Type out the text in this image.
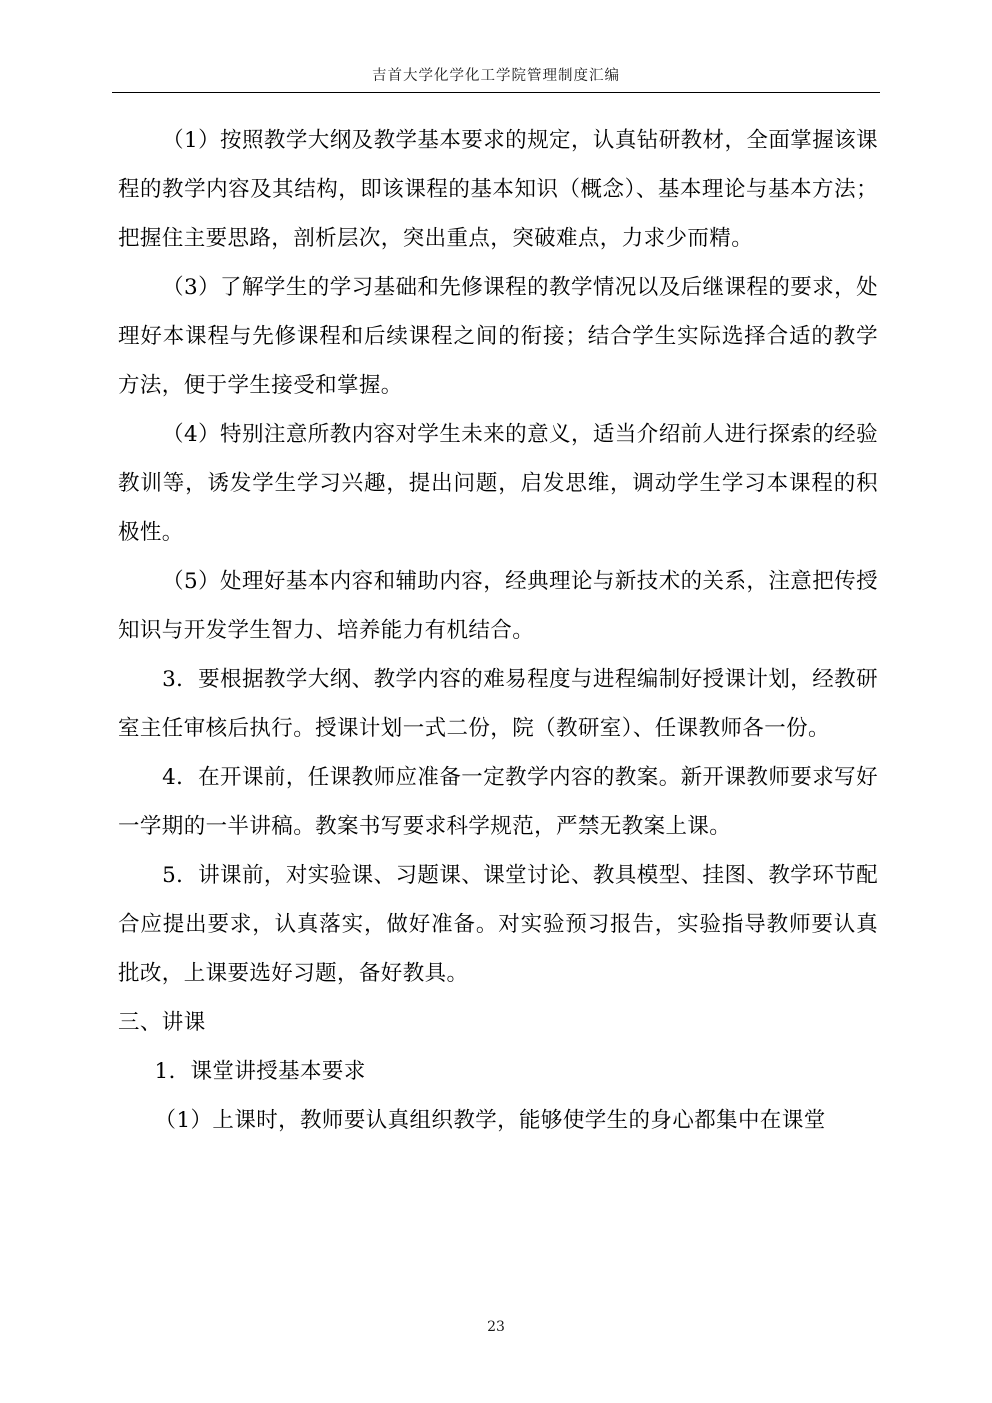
吉首大学化学化工学院管理制度汇编

（1）按照教学大纲及教学基本要求的规定，认真钻研教材，全面掌握该课程的教学内容及其结构，即该课程的基本知识（概念）、基本理论与基本方法；把握住主要思路，剖析层次，突出重点，突破难点，力求少而精。

（3）了解学生的学习基础和先修课程的教学情况以及后继课程的要求，处理好本课程与先修课程和后续课程之间的衔接；结合学生实际选择合适的教学方法，便于学生接受和掌握。

（4）特别注意所教内容对学生未来的意义，适当介绍前人进行探索的经验教训等，诱发学生学习兴趣，提出问题，启发思维，调动学生学习本课程的积极性。

（5）处理好基本内容和辅助内容，经典理论与新技术的关系，注意把传授知识与开发学生智力、培养能力有机结合。

3．要根据教学大纲、教学内容的难易程度与进程编制好授课计划，经教研室主任审核后执行。授课计划一式二份，院（教研室）、任课教师各一份。

4．在开课前，任课教师应准备一定教学内容的教案。新开课教师要求写好一学期的一半讲稿。教案书写要求科学规范，严禁无教案上课。

5．讲课前，对实验课、习题课、课堂讨论、教具模型、挂图、教学环节配合应提出要求，认真落实，做好准备。对实验预习报告，实验指导教师要认真批改，上课要选好习题，备好教具。

三、讲课

1．课堂讲授基本要求

（1）上课时，教师要认真组织教学，能够使学生的身心都集中在课堂

23
